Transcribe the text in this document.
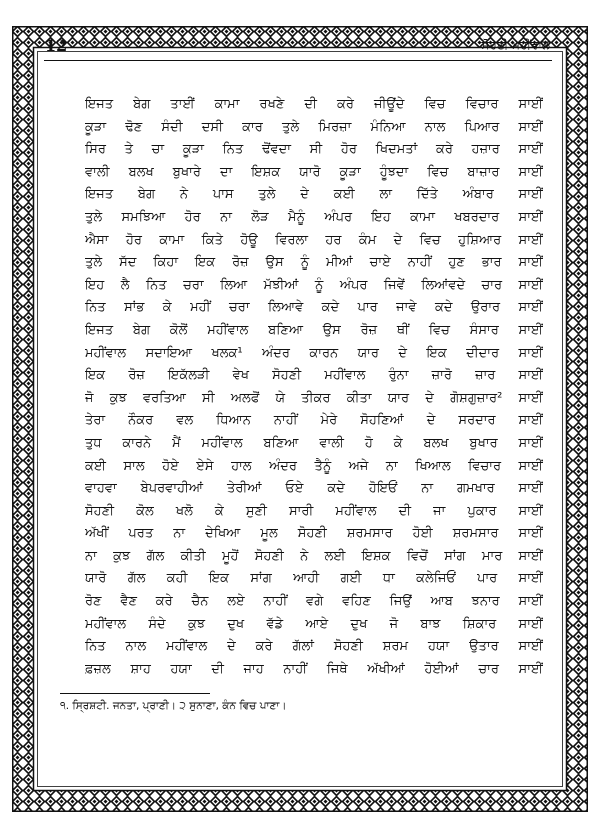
12	ਸੋਹਣੀ ਮਹੀਂਵਾਲ
ਇਜਤ ਬੇਗ ਤਾਈਂ ਕਾਮਾ ਰਖਣੇ ਦੀ ਕਰੇ ਜੀਊਂਦੇ ਵਿਚ ਵਿਚਾਰ ਸਾਈਂ
ਕੂੜਾ ਢੋਣ ਸੰਦੀ ਦਸੀ ਕਾਰ ਤੁਲੇ ਮਿਰਜ਼ਾ ਮੰਨਿਆ ਨਾਲ ਪਿਆਰ ਸਾਈਂ
ਸਿਰ ਤੇ ਚਾ ਕੂੜਾ ਨਿਤ ਢੋਂਵਦਾ ਸੀ ਹੋਰ ਖਿਦਮਤਾਂ ਕਰੇ ਹਜ਼ਾਰ ਸਾਈਂ
ਵਾਲੀ ਬਲਖ ਬੁਖਾਰੇ ਦਾ ਇਸ਼ਕ ਯਾਰੋ ਕੂੜਾ ਹੂੰਝਦਾ ਵਿਚ ਬਾਜ਼ਾਰ ਸਾਈਂ
ਇਜਤ ਬੇਗ ਨੇ ਪਾਸ ਤੁਲੇ ਦੇ ਕਈ ਲਾ ਦਿੱਤੇ ਅੰਬਾਰ ਸਾਈਂ
ਤੁਲੇ ਸਮਝਿਆ ਹੋਰ ਨਾ ਲੋੜ ਮੈਨੂੰ ਅੰਪਰ ਇਹ ਕਾਮਾ ਖਬਰਦਾਰ ਸਾਈਂ
ਐਸਾ ਹੋਰ ਕਾਮਾ ਕਿਤੇ ਹੋਊ ਵਿਰਲਾ ਹਰ ਕੰਮ ਦੇ ਵਿਚ ਹੁਸ਼ਿਆਰ ਸਾਈਂ
ਤੁਲੇ ਸੱਦ ਕਿਹਾ ਇਕ ਰੋਜ਼ ਉਸ ਨੂੰ ਮੀਆਂ ਚਾਏ ਨਾਹੀਂ ਹੁਣ ਭਾਰ ਸਾਈਂ
ਇਹ ਲੈ ਨਿਤ ਚਰਾ ਲਿਆ ਮੱਝੀਆਂ ਨੂੰ ਅੰਪਰ ਜਿਵੇਂ ਲਿਆਂਵਦੇ ਚਾਰ ਸਾਈਂ
ਨਿਤ ਸਾਂਭ ਕੇ ਮਹੀਂ ਚਰਾ ਲਿਆਵੇ ਕਦੇ ਪਾਰ ਜਾਵੇ ਕਦੇ ਉਰਾਰ ਸਾਈਂ
ਇਜਤ ਬੇਗ ਕੋਲੋਂ ਮਹੀਂਵਾਲ ਬਣਿਆ ਉਸ ਰੋਜ਼ ਥੀਂ ਵਿਚ ਸੰਸਾਰ ਸਾਈਂ
ਮਹੀਂਵਾਲ ਸਦਾਇਆ ਖਲਕ¹ ਅੰਦਰ ਕਾਰਨ ਯਾਰ ਦੇ ਇਕ ਦੀਦਾਰ ਸਾਈਂ
ਇਕ ਰੋਜ਼ ਇਕੱਲੜੀ ਵੇਖ ਸੋਹਣੀ ਮਹੀਂਵਾਲ ਰੁੰਨਾ ਜ਼ਾਰੋ ਜ਼ਾਰ ਸਾਈਂ
ਜੋ ਕੁਝ ਵਰਤਿਆ ਸੀ ਅਲਫੋਂ ਯੇ ਤੀਕਰ ਕੀਤਾ ਯਾਰ ਦੇ ਗੋਸ਼ਗੁਜ਼ਾਰ² ਸਾਈਂ
ਤੇਰਾ ਨੌਕਰ ਵਲ ਧਿਆਨ ਨਾਹੀਂ ਮੇਰੇ ਸੋਹਣਿਆਂ ਦੇ ਸਰਦਾਰ ਸਾਈਂ
ਤੁਧ ਕਾਰਨੇ ਮੈਂ ਮਹੀਂਵਾਲ ਬਣਿਆ ਵਾਲੀ ਹੋ ਕੇ ਬਲਖ ਬੁਖਾਰ ਸਾਈਂ
ਕਈ ਸਾਲ ਹੋਏ ਏਸੇ ਹਾਲ ਅੰਦਰ ਤੈਨੂੰ ਅਜੇ ਨਾ ਖਿਆਲ ਵਿਚਾਰ ਸਾਈਂ
ਵਾਹਵਾ ਬੇਪਰਵਾਹੀਆਂ ਤੇਰੀਆਂ ਓਏ ਕਦੇ ਹੋਇਓਂ ਨਾ ਗਮਖਾਰ ਸਾਈਂ
ਸੋਹਣੀ ਕੋਲ ਖਲੋ ਕੇ ਸੁਣੀ ਸਾਰੀ ਮਹੀਂਵਾਲ ਦੀ ਜਾ ਪੁਕਾਰ ਸਾਈਂ
ਅੱਖੀਂ ਪਰਤ ਨਾ ਦੇਖਿਆ ਮੂਲ ਸੋਹਣੀ ਸ਼ਰਮਸਾਰ ਹੋਈ ਸ਼ਰਮਸਾਰ ਸਾਈਂ
ਨਾ ਕੁਝ ਗੱਲ ਕੀਤੀ ਮੂਹੋਂ ਸੋਹਣੀ ਨੇ ਲਈ ਇਸ਼ਕ ਵਿਚੋਂ ਸਾਂਗ ਮਾਰ ਸਾਈਂ
ਯਾਰੋ ਗੱਲ ਕਹੀ ਇਕ ਸਾਂਗ ਆਹੀ ਗਈ ਧਾ ਕਲੇਜਿਓਂ ਪਾਰ ਸਾਈਂ
ਰੋਣ ਵੈਣ ਕਰੇ ਚੈਨ ਲਏ ਨਾਹੀਂ ਵਗੇ ਵਹਿਣ ਜਿਉਂ ਆਬ ਝਨਾਰ ਸਾਈਂ
ਮਹੀਂਵਾਲ ਸੰਦੇ ਕੁਝ ਦੁਖ ਵੱਡੇ ਆਏ ਦੁਖ ਜੋ ਬਾਝ ਸ਼ਿਕਾਰ ਸਾਈਂ
ਨਿਤ ਨਾਲ ਮਹੀਂਵਾਲ ਦੇ ਕਰੇ ਗੱਲਾਂ ਸੋਹਣੀ ਸ਼ਰਮ ਹਯਾ ਉਤਾਰ ਸਾਈਂ
ਫ਼ਜ਼ਲ ਸ਼ਾਹ ਹਯਾ ਦੀ ਜਾਹ ਨਾਹੀਂ ਜਿਥੇ ਅੱਖੀਆਂ ਹੋਈਆਂ ਚਾਰ ਸਾਈਂ
੧. ਸ੍ਰਿਸ਼ਟੀ. ਜਨਤਾ, ਪ੍ਰਾਣੀ। ੨ ਸੁਨਾਣਾ, ਕੰਨ ਵਿਚ ਪਾਣਾ।
